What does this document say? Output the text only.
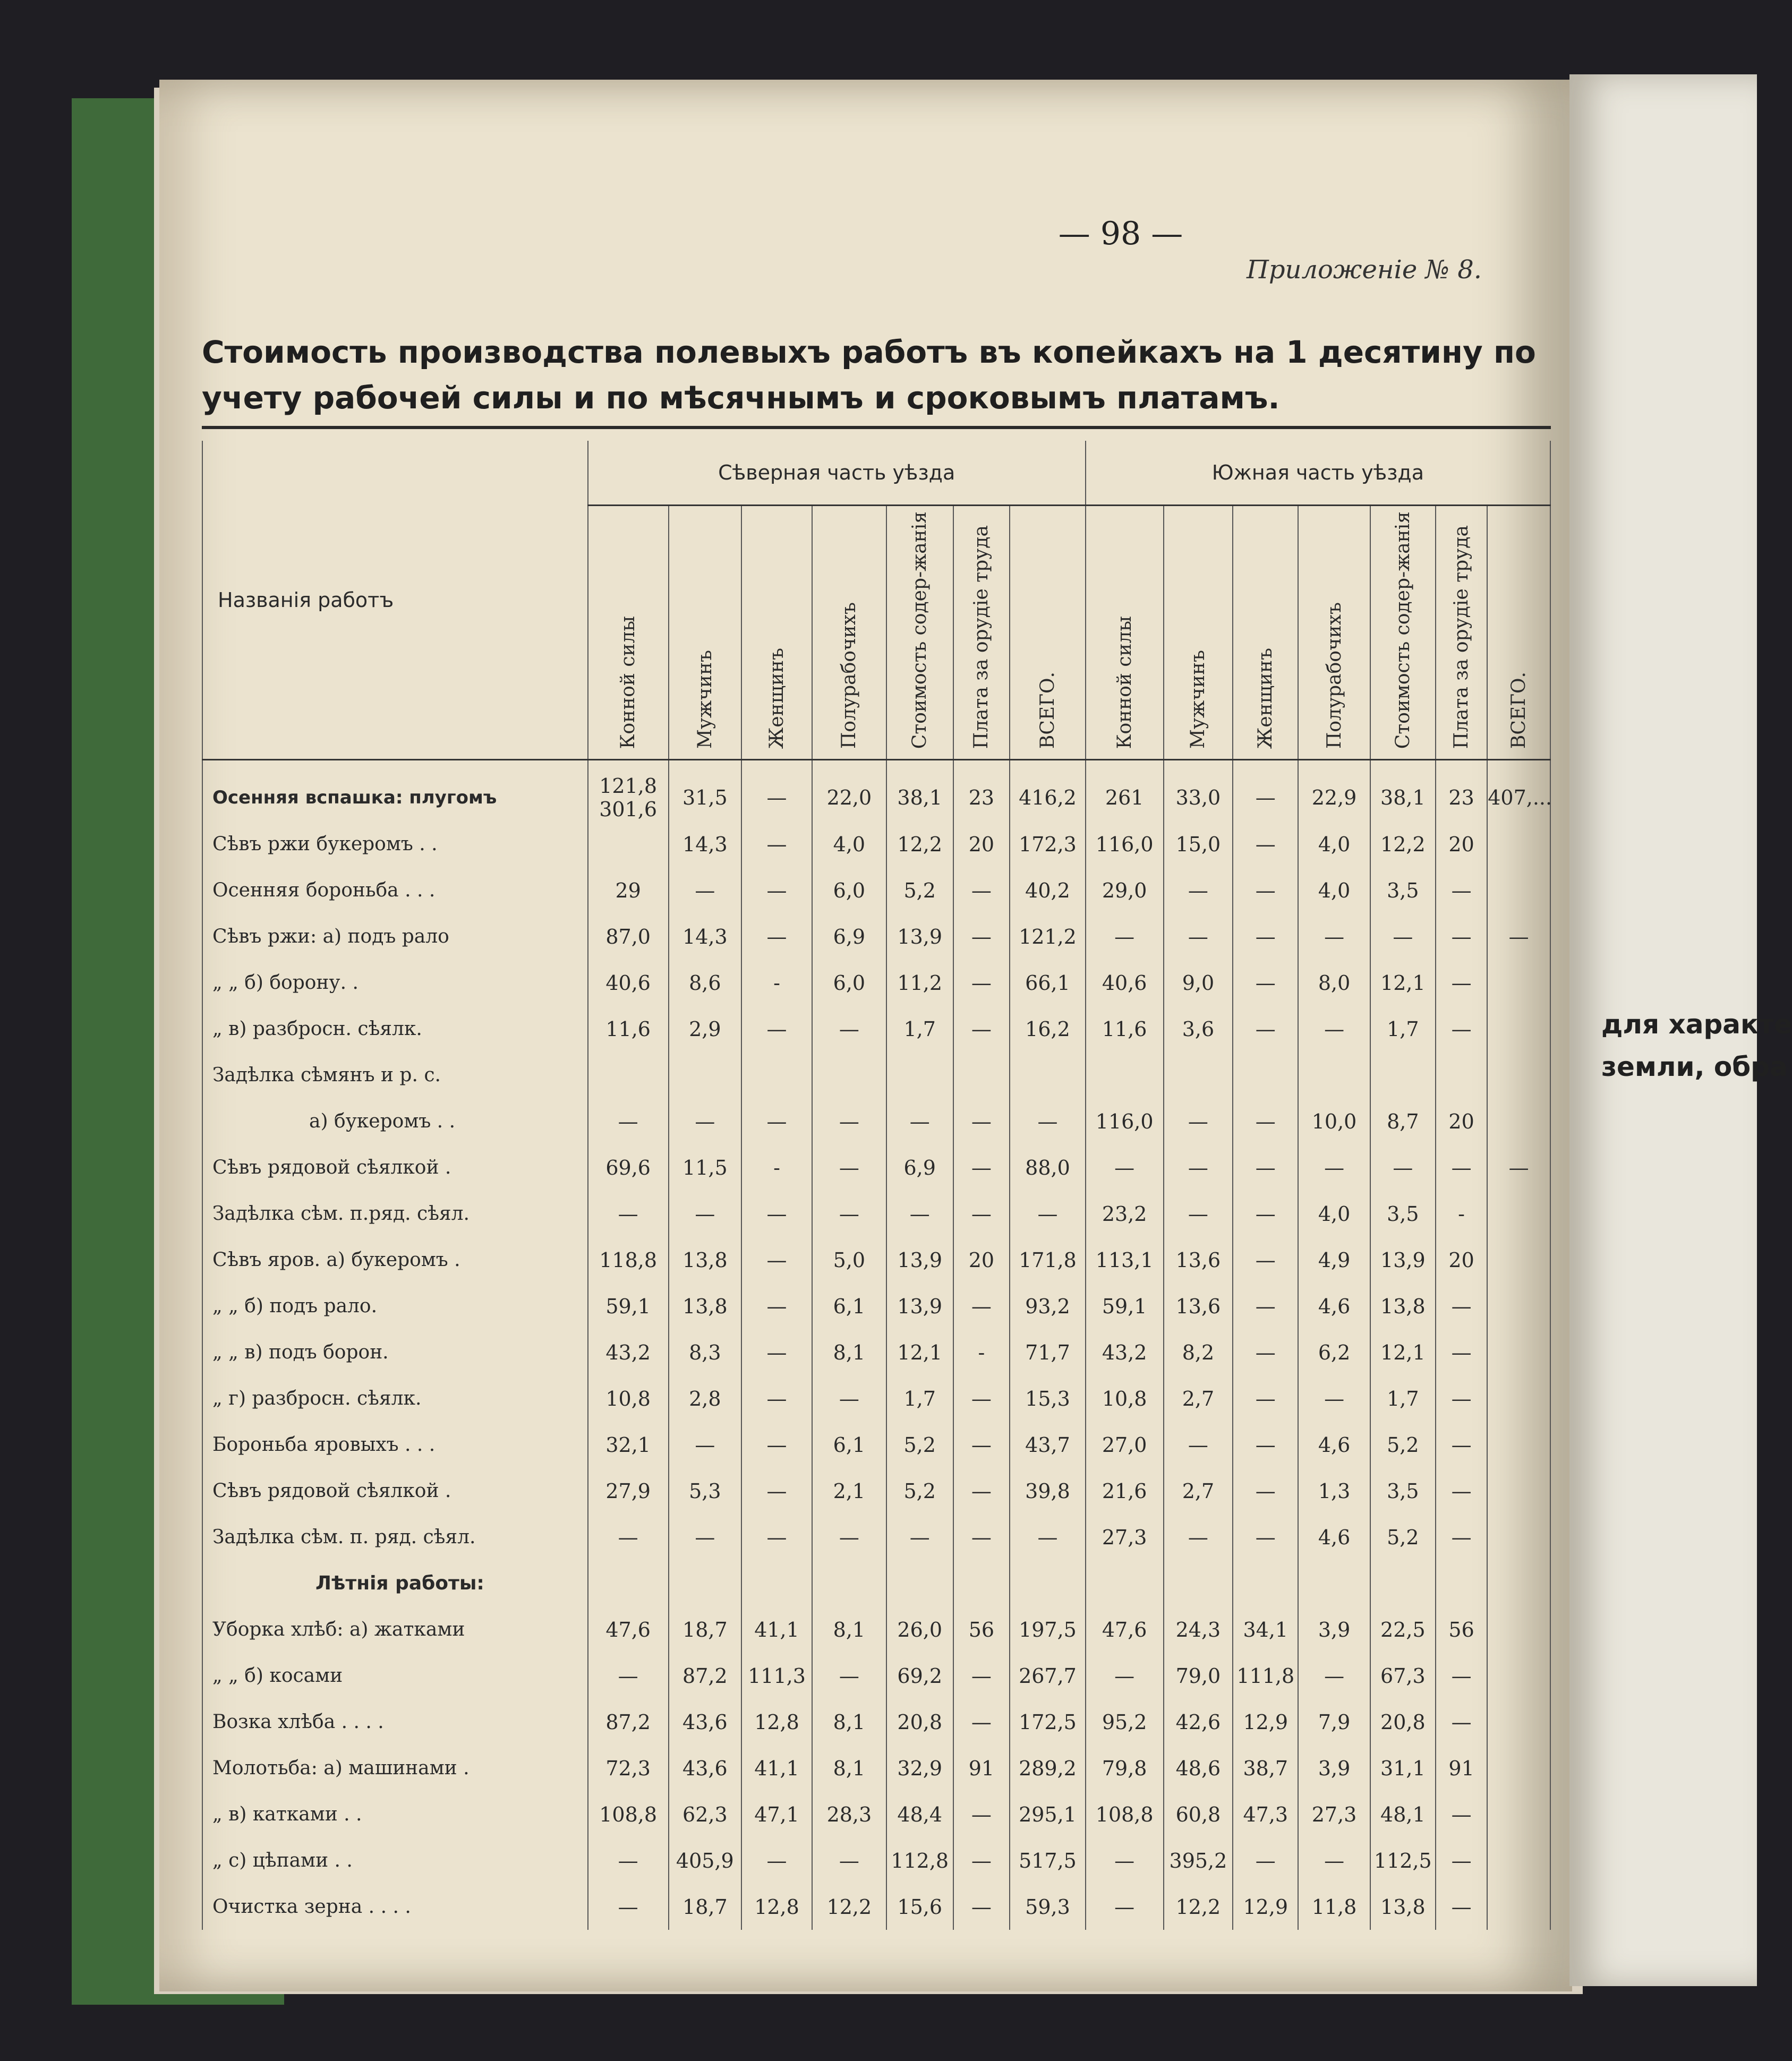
— 98 —
Приложеніе № 8.
Стоимость производства полевыхъ работъ въ копейкахъ на 1 десятину по учету рабочей силы и по мѣсячнымъ и сроковымъ платамъ.
Названія работъ	Сѣверная часть уѣзда							Южная часть уѣзда						
	Конной силы	Мужчинъ	Женщинъ	Полурабочихъ	Стоимость содер-жанія	Плата за орудіе труда	ВСЕГО.	Конной силы	Мужчинъ	Женщинъ	Полурабочихъ	Стоимость содер-жанія	Плата за орудіе труда	ВСЕГО.
Осенняя вспашка: плугомъ	121,8 301,6	31,5	—	22,0	38,1	23	416,2	261	33,0	—	22,9	38,1	23	407,...
Сѣвъ ржи букеромъ . .		14,3	—	4,0	12,2	20	172,3	116,0	15,0	—	4,0	12,2	20	
Осенняя бороньба . . .	29	—	—	6,0	5,2	—	40,2	29,0	—	—	4,0	3,5	—	
Сѣвъ ржи: а) подъ рало	87,0	14,3	—	6,9	13,9	—	121,2	—	—	—	—	—	—	—
„ „ б) борону. .	40,6	8,6	-	6,0	11,2	—	66,1	40,6	9,0	—	8,0	12,1	—	
„ в) разбросн. сѣялк.	11,6	2,9	—	—	1,7	—	16,2	11,6	3,6	—	—	1,7	—	
Задѣлка сѣмянъ и р. с.														
а) букеромъ . .	—	—	—	—	—	—	—	116,0	—	—	10,0	8,7	20	
Сѣвъ рядовой сѣялкой .	69,6	11,5	-	—	6,9	—	88,0	—	—	—	—	—	—	—
Задѣлка сѣм. п.ряд. сѣял.	—	—	—	—	—	—	—	23,2	—	—	4,0	3,5	-	
Сѣвъ яров. а) букеромъ .	118,8	13,8	—	5,0	13,9	20	171,8	113,1	13,6	—	4,9	13,9	20	
„ „ б) подъ рало.	59,1	13,8	—	6,1	13,9	—	93,2	59,1	13,6	—	4,6	13,8	—	
„ „ в) подъ борон.	43,2	8,3	—	8,1	12,1	-	71,7	43,2	8,2	—	6,2	12,1	—	
„ г) разбросн. сѣялк.	10,8	2,8	—	—	1,7	—	15,3	10,8	2,7	—	—	1,7	—	
Бороньба яровыхъ . . .	32,1	—	—	6,1	5,2	—	43,7	27,0	—	—	4,6	5,2	—	
Сѣвъ рядовой сѣялкой .	27,9	5,3	—	2,1	5,2	—	39,8	21,6	2,7	—	1,3	3,5	—	
Задѣлка сѣм. п. ряд. сѣял.	—	—	—	—	—	—	—	27,3	—	—	4,6	5,2	—	
Лѣтнія работы:														
Уборка хлѣб: а) жатками	47,6	18,7	41,1	8,1	26,0	56	197,5	47,6	24,3	34,1	3,9	22,5	56	
„ „ б) косами	—	87,2	111,3	—	69,2	—	267,7	—	79,0	111,8	—	67,3	—	
Возка хлѣба . . . .	87,2	43,6	12,8	8,1	20,8	—	172,5	95,2	42,6	12,9	7,9	20,8	—	
Молотьба: а) машинами .	72,3	43,6	41,1	8,1	32,9	91	289,2	79,8	48,6	38,7	3,9	31,1	91	
„ в) катками . .	108,8	62,3	47,1	28,3	48,4	—	295,1	108,8	60,8	47,3	27,3	48,1	—	
„ с) цѣпами . .	—	405,9	—	—	112,8	—	517,5	—	395,2	—	—	112,5	—	
Очистка зерна . . . .	—	18,7	12,8	12,2	15,6	—	59,3	—	12,2	12,9	11,8	13,8	—	
для характе
земли, обра
